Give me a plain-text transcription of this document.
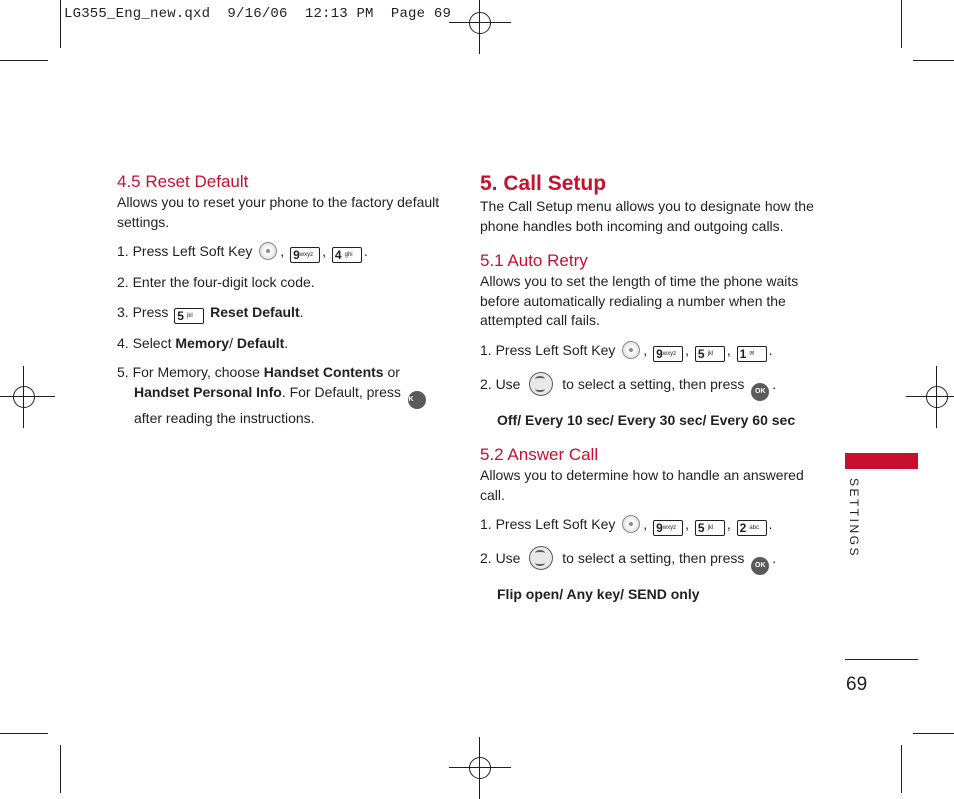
LG355_Eng_new.qxd  9/16/06  12:13 PM  Page 69

4.5 Reset Default

Allows you to reset your phone to the factory default settings.

1. Press Left Soft Key , $9^{wxyz}$ , 4 $^{ghi}$ .

2. Enter the four-digit lock code.

3. Press 5 $^{jkl}$ Reset Default.

4. Select Memory/ Default.

5. For Memory, choose Handset Contents or Handset Personal Info. For Default, press OK after reading the instructions.

5. Call Setup

The Call Setup menu allows you to designate how the phone handles both incoming and outgoing calls.

5.1 Auto Retry

Allows you to set the length of time the phone waits before automatically redialing a number when the attempted call fails.

1. Press Left Soft Key , $9^{wxyz}$ , 5 $^{jkl}$ , 1 ✉ .

2. Use	to select a setting, then press OK .

Off/ Every 10 sec/ Every 30 sec/ Every 60 sec

5.2 Answer Call

Allows you to determine how to handle an answered call.

1. Press Left Soft Key , $9^{wxyz}$ , 5 $^{jkl}$ , 2 $^{abc}$ .

2. Use	to select a setting, then press OK .

Flip open/ Any key/ SEND only

SETTINGS
69
